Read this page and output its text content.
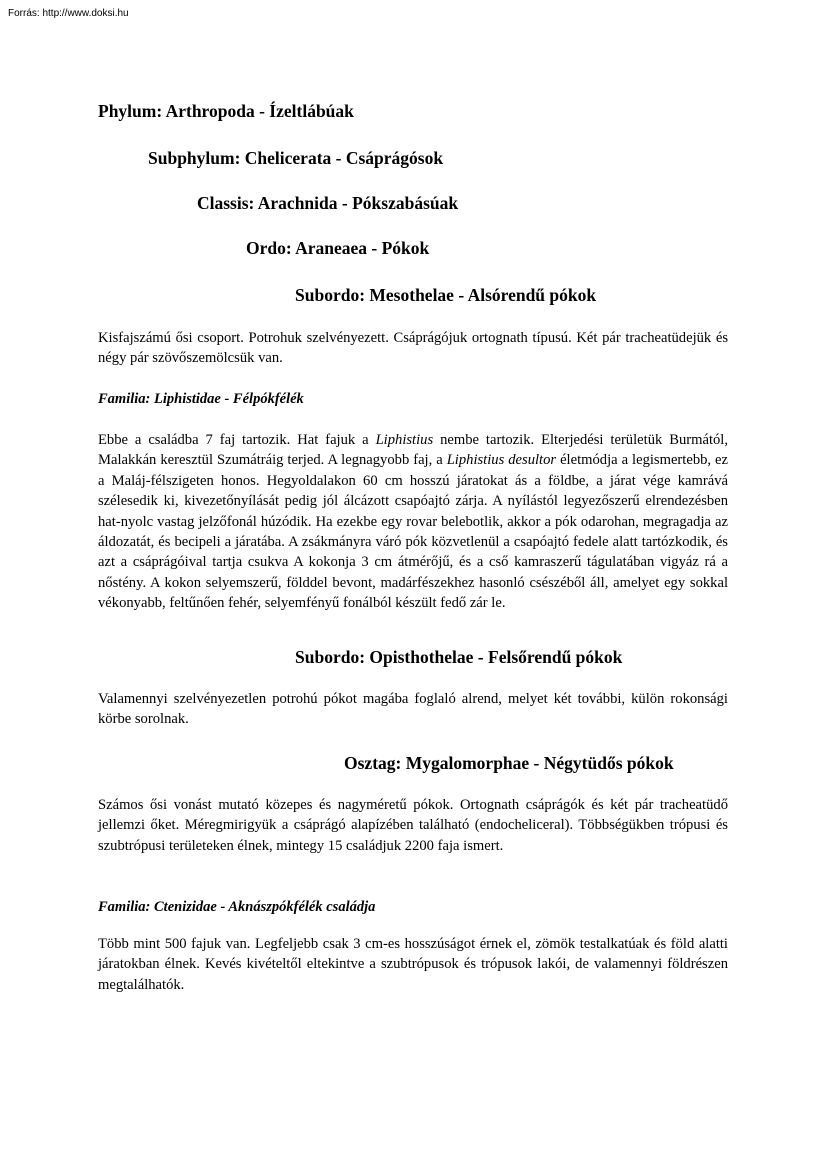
Forrás: http://www.doksi.hu
Phylum: Arthropoda - Ízeltlábúak
Subphylum: Chelicerata - Csáprágósok
Classis: Arachnida - Pókszabásúak
Ordo: Araneaea - Pókok
Subordo: Mesothelae - Alsórendű pókok

Kisfajszámú ősi csoport. Potrohuk szelvényezett. Csáprágójuk ortognath típusú. Két pár tracheatüdejük és négy pár szövőszemölcsük van.

Familia: Liphistidae - Félpókfélék

Ebbe a családba 7 faj tartozik. Hat fajuk a Liphistius nembe tartozik. Elterjedési területük Burmától, Malakkán keresztül Szumátráig terjed. A legnagyobb faj, a Liphistius desultor életmódja a legismertebb, ez a Maláj-félszigeten honos. Hegyoldalakon 60 cm hosszú járatokat ás a földbe, a járat vége kamrává szélesedik ki, kivezetőnyílását pedig jól álcázott csapóajtó zárja. A nyílástól legyezőszerű elrendezésben hat-nyolc vastag jelzőfonál húzódik. Ha ezekbe egy rovar belebotlik, akkor a pók odarohan, megragadja az áldozatát, és becipeli a járatába. A zsákmányra váró pók közvetlenül a csapóajtó fedele alatt tartózkodik, és azt a csáprágóival tartja csukva A kokonja 3 cm átmérőjű, és a cső kamraszerű tágulatában vigyáz rá a nőstény. A kokon selyemszerű, földdel bevont, madárfészekhez hasonló csészéből áll, amelyet egy sokkal vékonyabb, feltűnően fehér, selyemfényű fonálból készült fedő zár le.

Subordo: Opisthothelae - Felsőrendű pókok

Valamennyi szelvényezetlen potrohú pókot magába foglaló alrend, melyet két további, külön rokonsági körbe sorolnak.

Osztag: Mygalomorphae - Négytüdős pókok

Számos ősi vonást mutató közepes és nagyméretű pókok. Ortognath csáprágók és két pár tracheatüdő jellemzi őket. Méregmirigyük a csáprágó alapízében található (endocheliceral). Többségükben trópusi és szubtrópusi területeken élnek, mintegy 15 családjuk 2200 faja ismert.

Familia: Ctenizidae - Aknászpókfélék családja

Több mint 500 fajuk van. Legfeljebb csak 3 cm-es hosszúságot érnek el, zömök testalkatúak és föld alatti járatokban élnek. Kevés kivételtől eltekintve a szubtrópusok és trópusok lakói, de valamennyi földrészen megtalálhatók.
